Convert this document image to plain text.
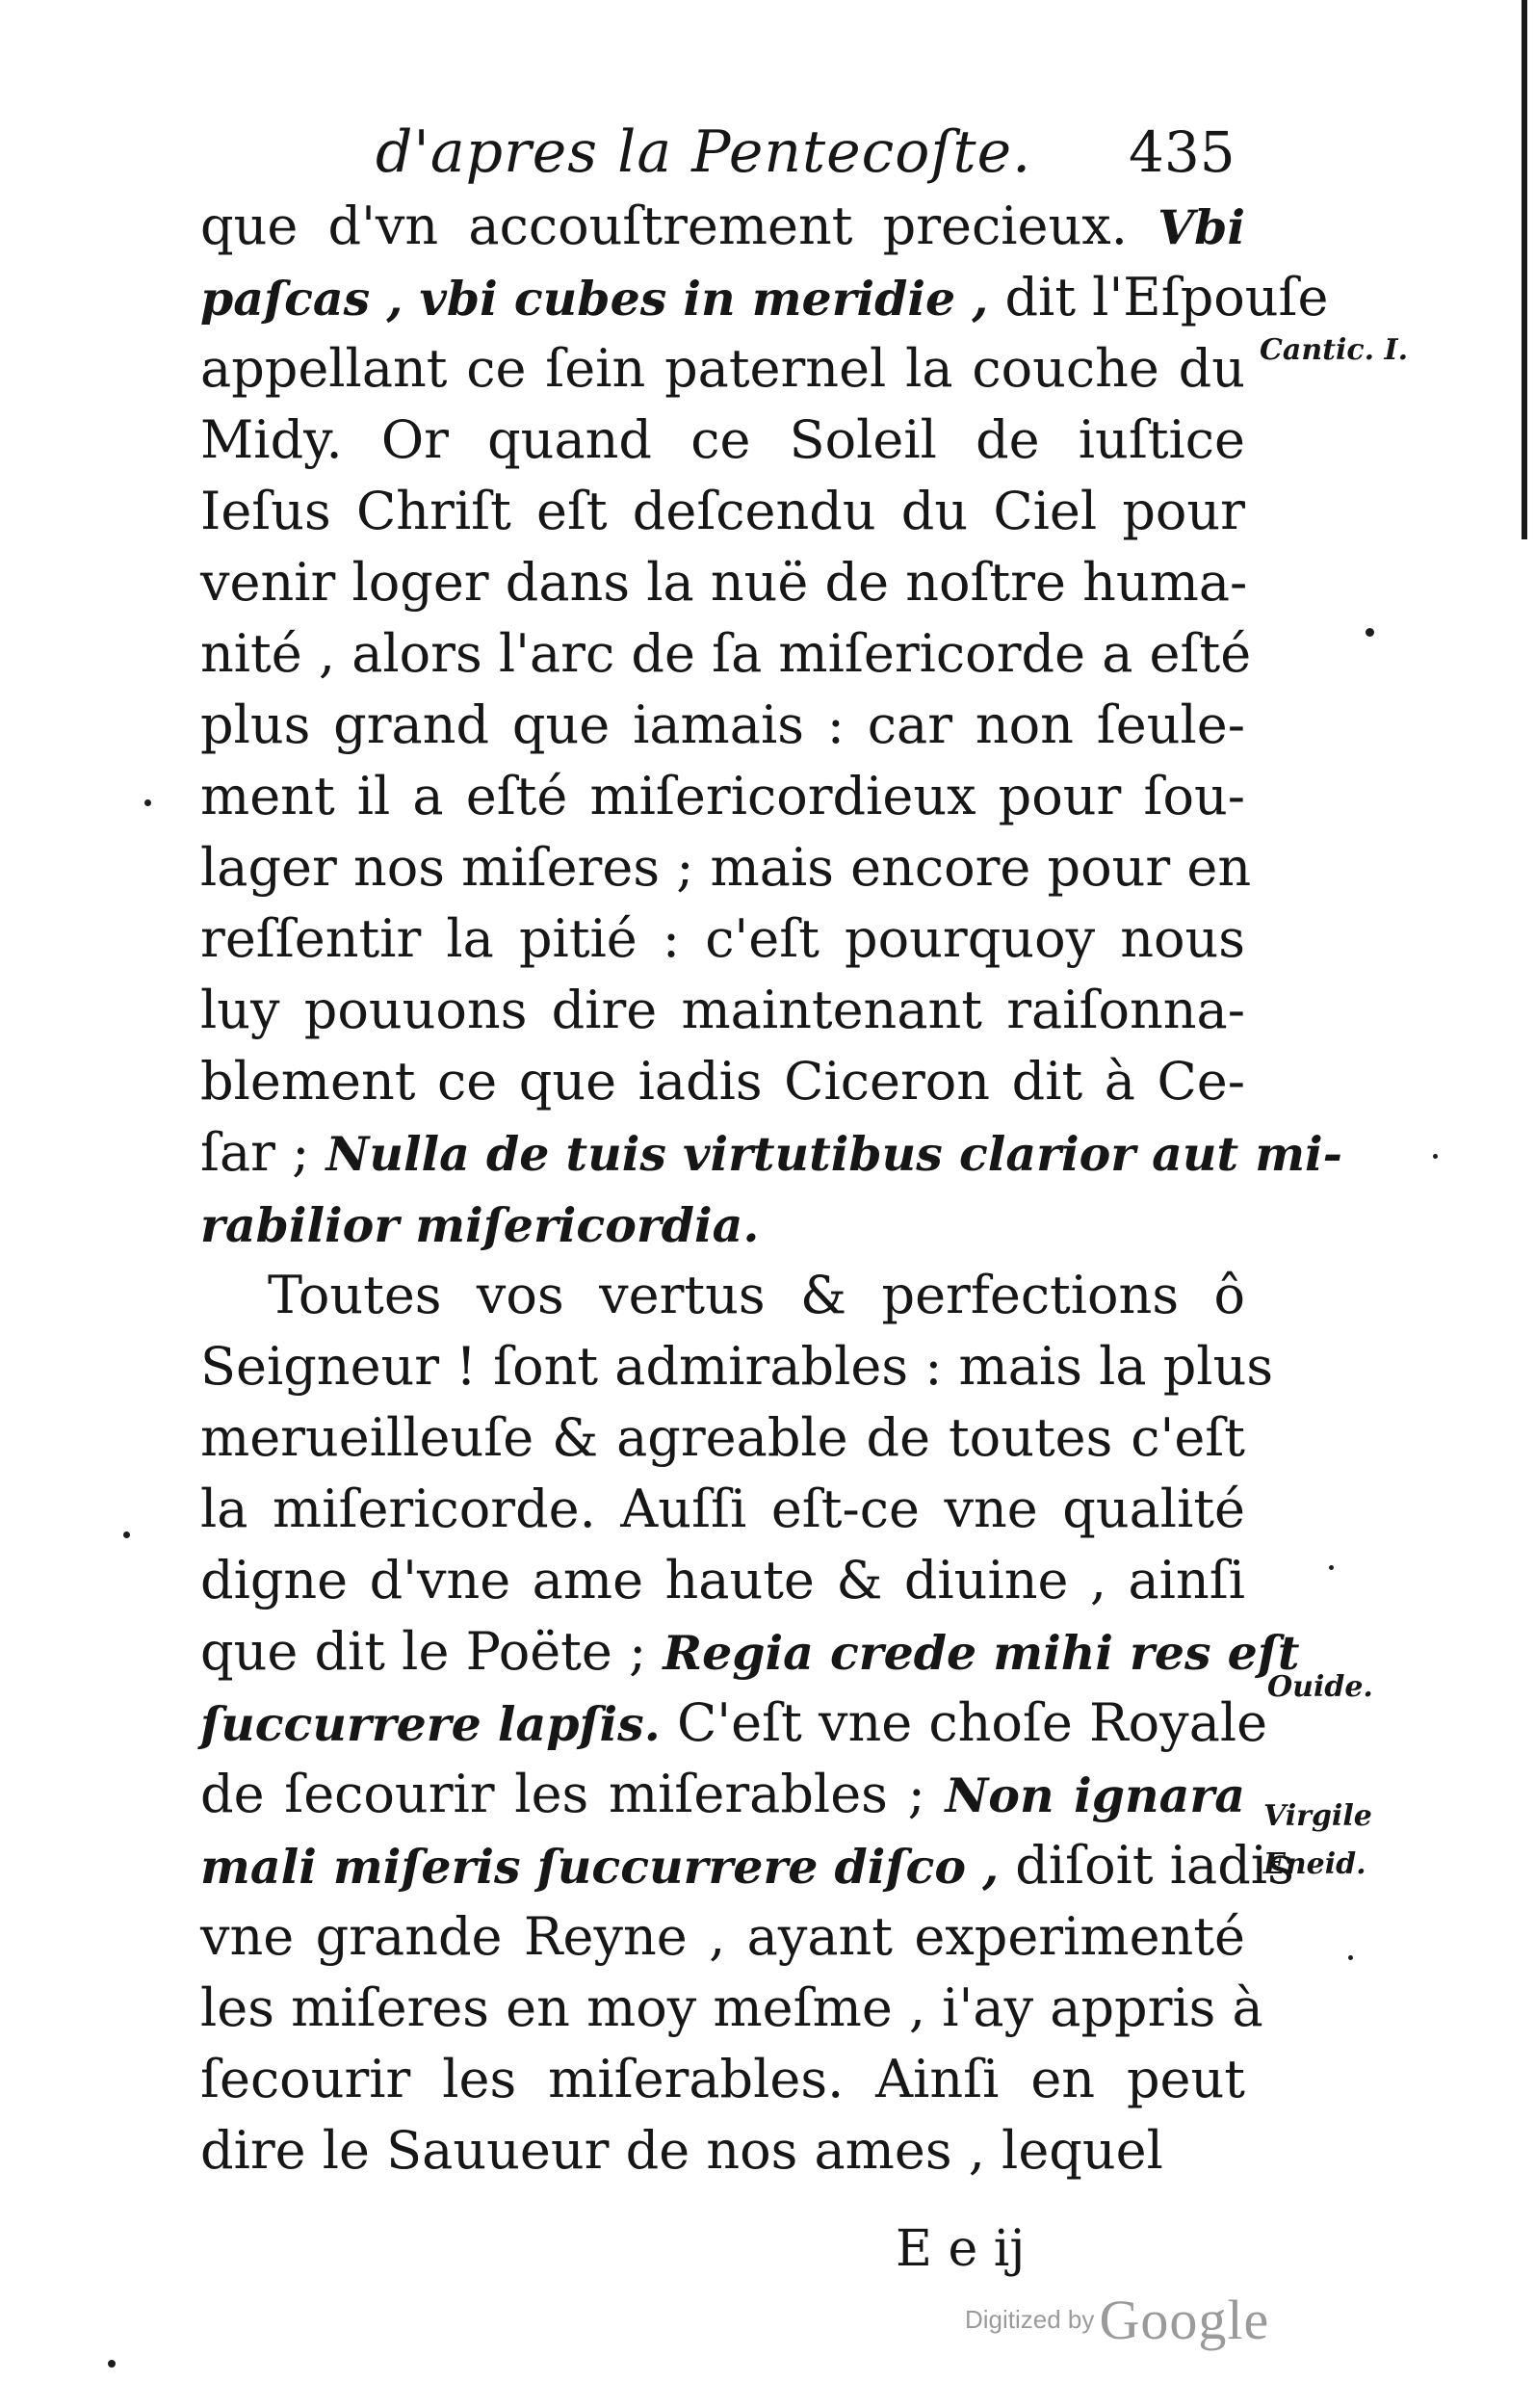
d'apres la Pentecoſte. 435
que d'vn accouſtrement precieux. Vbi
paſcas , vbi cubes in meridie , dit l'Eſpouſe
appellant ce ſein paternel la couche du
Midy. Or quand ce Soleil de iuſtice
Ieſus Chriſt eſt deſcendu du Ciel pour
venir loger dans la nuë de noſtre huma-
nité , alors l'arc de ſa miſericorde a eſté
plus grand que iamais : car non ſeule-
ment il a eſté miſericordieux pour ſou-
lager nos miſeres ; mais encore pour en
reſſentir la pitié : c'eſt pourquoy nous
luy pouuons dire maintenant raiſonna-
blement ce que iadis Ciceron dit à Ce-
ſar ; Nulla de tuis virtutibus clarior aut mi-
rabilior miſericordia.
Toutes vos vertus & perfections ô
Seigneur ! ſont admirables : mais la plus
merueilleuſe & agreable de toutes c'eſt
la miſericorde. Auſſi eſt-ce vne qualité
digne d'vne ame haute & diuine , ainſi
que dit le Poëte ; Regia crede mihi res eſt
ſuccurrere lapſis. C'eſt vne choſe Royale
de ſecourir les miſerables ; Non ignara
mali miſeris ſuccurrere diſco , diſoit iadis
vne grande Reyne , ayant experimenté
les miſeres en moy meſme , i'ay appris à
ſecourir les miſerables. Ainſi en peut
dire le Sauueur de nos ames , lequel
Cantic. I.
Ouide.
Virgile
Eneid.
E e ij
Digitized by Google
